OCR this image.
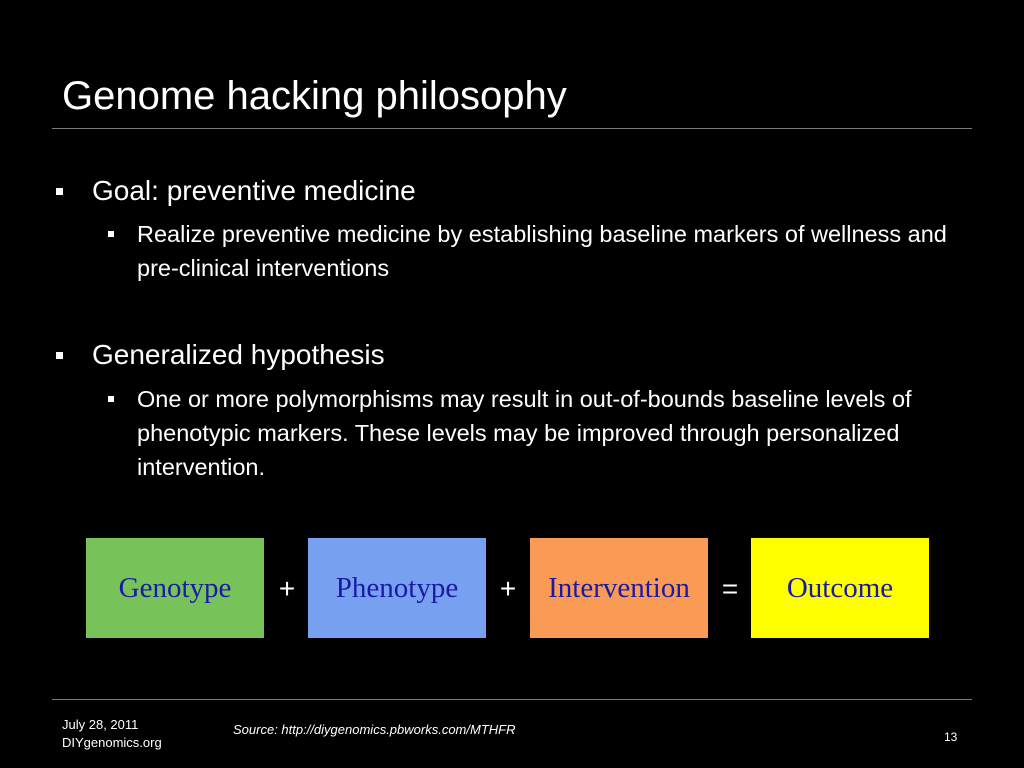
Genome hacking philosophy
Goal: preventive medicine
Realize preventive medicine by establishing baseline markers of wellness and pre-clinical interventions
Generalized hypothesis
One or more polymorphisms may result in out-of-bounds baseline levels of phenotypic markers. These levels may be improved through personalized intervention.
Genotype	+	Phenotype	+	Intervention	=	Outcome
July 28, 2011
DIYgenomics.org
Source: http://diygenomics.pbworks.com/MTHFR	13
